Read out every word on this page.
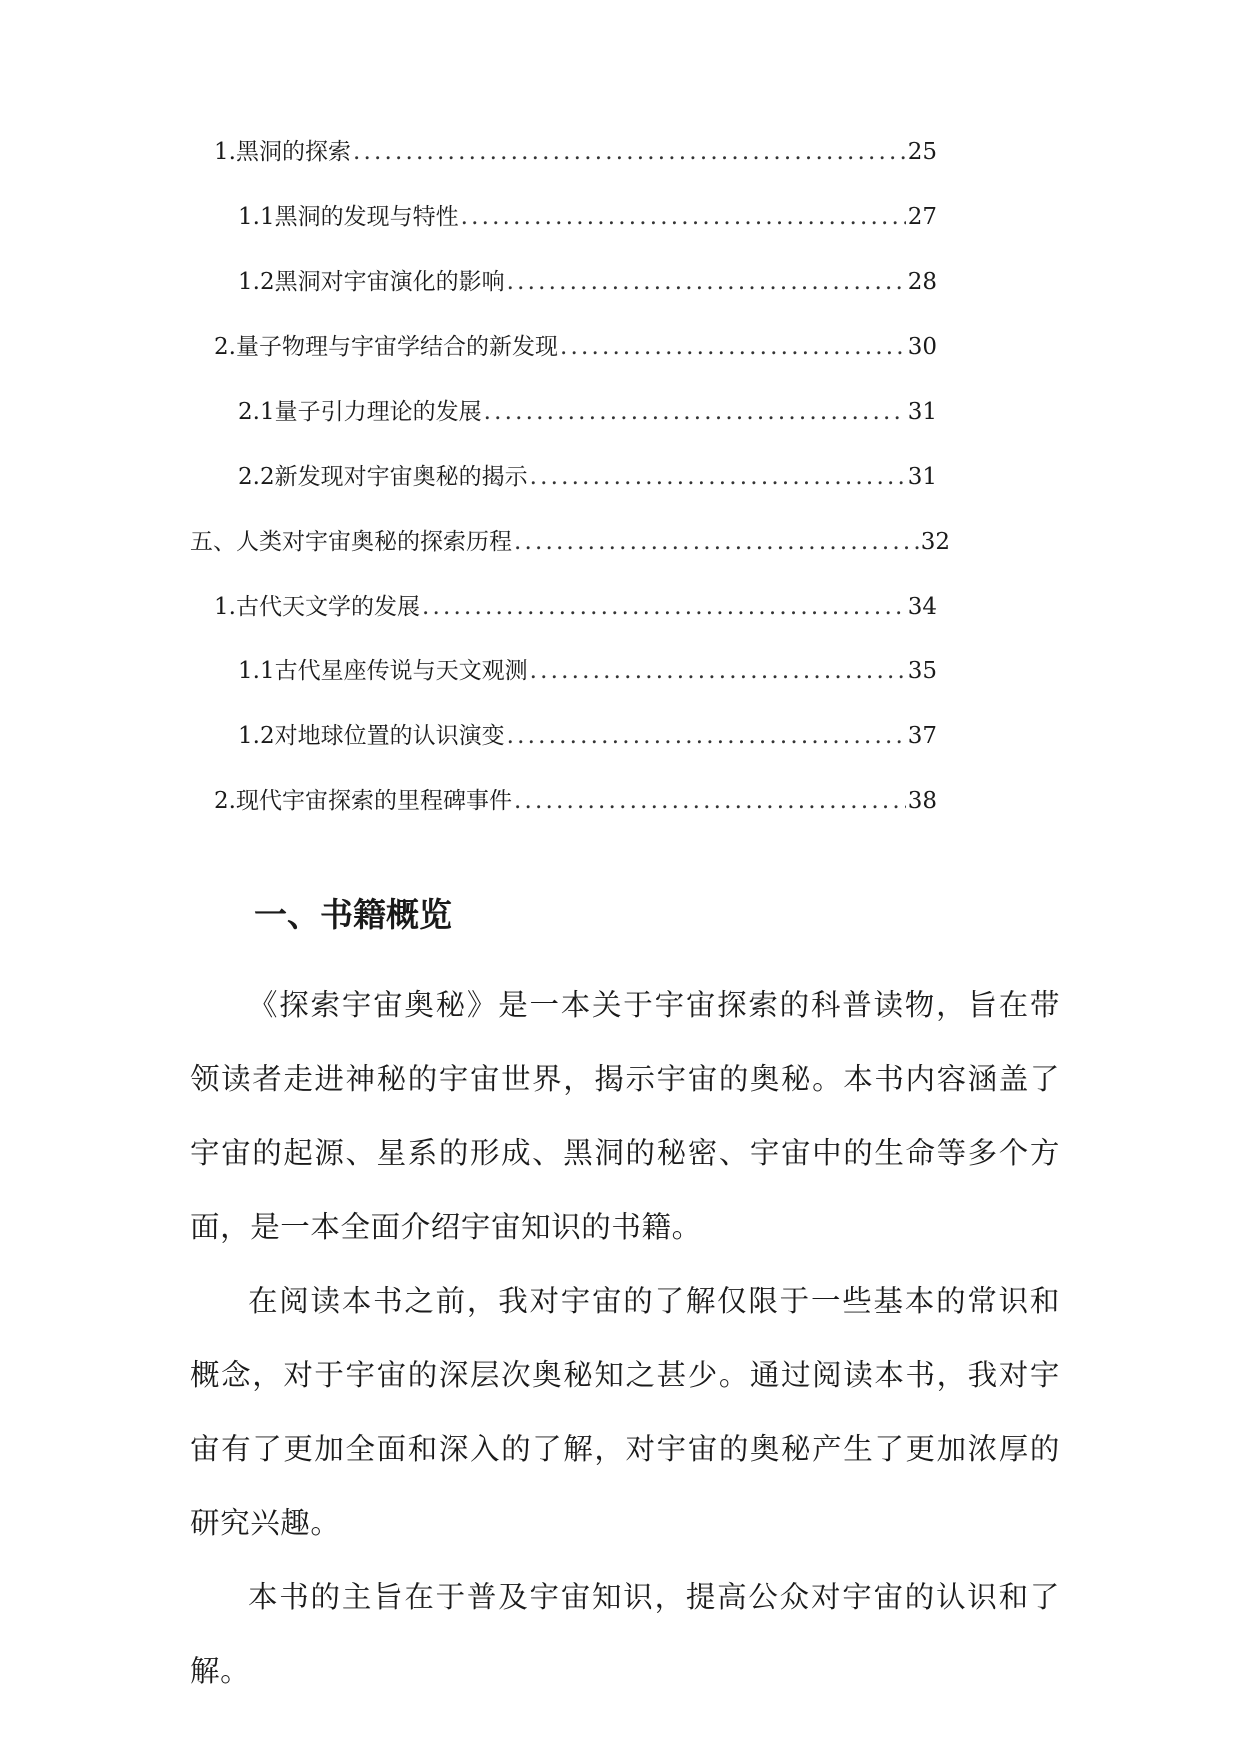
1. 黑洞的探索 .....	25
1.1 黑洞的发现与特性 .....	27
1.2 黑洞对宇宙演化的影响 .....	28
2. 量子物理与宇宙学结合的新发现 .....	30
2.1 量子引力理论的发展 .....	31
2.2 新发现对宇宙奥秘的揭示 .....	31
五、人类对宇宙奥秘的探索历程 .....	32
1. 古代天文学的发展 .....	34
1.1 古代星座传说与天文观测 .....	35
1.2 对地球位置的认识演变 .....	37
2. 现代宇宙探索的里程碑事件 .....	38
一、书籍概览

《探索宇宙奥秘》是一本关于宇宙探索的科普读物，旨在带领读者走进神秘的宇宙世界，揭示宇宙的奥秘。本书内容涵盖了宇宙的起源、星系的形成、黑洞的秘密、宇宙中的生命等多个方面，是一本全面介绍宇宙知识的书籍。

在阅读本书之前，我对宇宙的了解仅限于一些基本的常识和概念，对于宇宙的深层次奥秘知之甚少。通过阅读本书，我对宇宙有了更加全面和深入的了解，对宇宙的奥秘产生了更加浓厚的研究兴趣。

本书的主旨在于普及宇宙知识，提高公众对宇宙的认识和了解。
